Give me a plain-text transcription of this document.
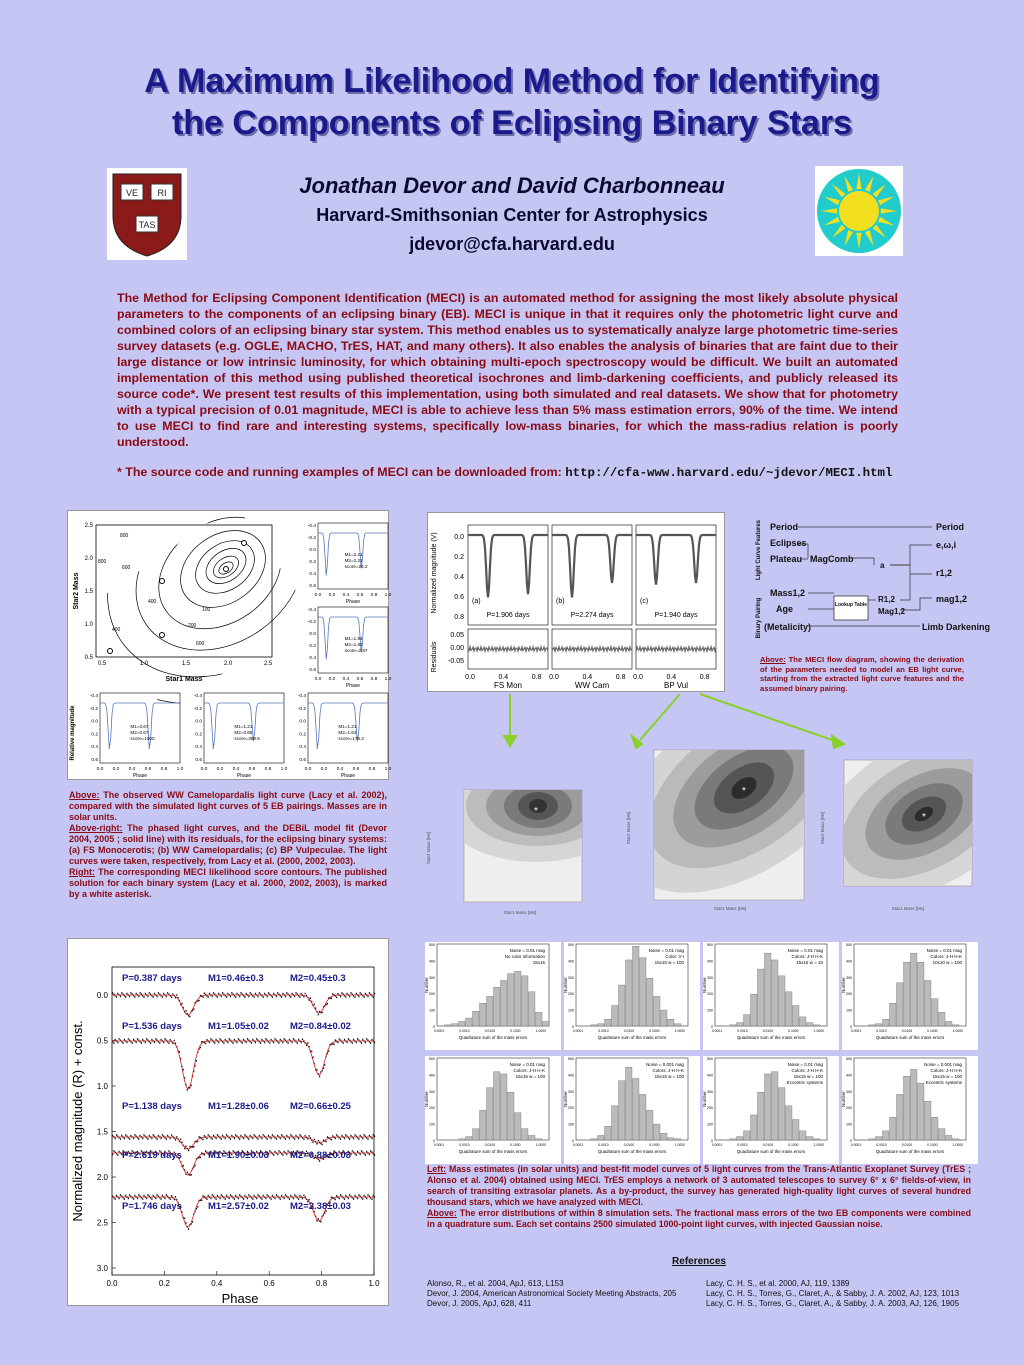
A Maximum Likelihood Method for Identifying
the Components of Eclipsing Binary Stars
VE RI
TAS
Jonathan Devor and David Charbonneau
Harvard-Smithsonian Center for Astrophysics
jdevor@cfa.harvard.edu
The Method for Eclipsing Component Identification (MECI) is an automated method for assigning the most likely absolute physical parameters to the components of an eclipsing binary (EB). MECI is unique in that it requires only the photometric light curve and combined colors of an eclipsing binary star system. This method enables us to systematically analyze large photometric time-series survey datasets (e.g. OGLE, MACHO, TrES, HAT, and many others). It also enables the analysis of binaries that are faint due to their large distance or low intrinsic luminosity, for which obtaining multi-epoch spectroscopy would be difficult. We built an automated implementation of this method using published theoretical isochrones and limb-darkening coefficients, and publicly released its source code*. We present test results of this implementation, using both simulated and real datasets. We show that for photometry with a typical precision of 0.01 magnitude, MECI is able to achieve less than 5% mass estimation errors, 90% of the time. We intend to use MECI to find rare and interesting systems, specifically low-mass binaries, for which the mass-radius relation is poorly understood.
* The source code and running examples of MECI can be downloaded from: http://cfa-www.harvard.edu/~jdevor/MECI.html
800
600
400
200
100
600
400
800
0.5	1.0	1.5	2.0	2.5
2.5
2.0
1.5
1.0
0.5
Star1 Mass
Star2 Mass
Relative magnitude
M1=2.21
M2=2.21
score=24.2
-0.4
-0.2
0.0
0.2
0.4
0.6
0.0 0.2 0.4 0.6 0.8 1.0
Phase
M1=1.94
M2=1.83
score=2.87
-0.4
-0.2
0.0
0.2
0.4
0.6
0.0 0.2 0.4 0.6 0.8 1.0
Phase
M1=0.67
M2=0.67
score=1000
-0.4
-0.2
0.0
0.2
0.4
0.6
0.0 0.2 0.4 0.6 0.8 1.0
Phase
M1=1.21
M2=0.85
score=389.5
-0.4
-0.2
0.0
0.2
0.4
0.6
0.0 0.2 0.4 0.6 0.8 1.0
Phase
M1=1.21
M2=1.64
score=179.3
-0.4
-0.2
0.0
0.2
0.4
0.6
0.0 0.2 0.4 0.6 0.8 1.0
Phase
Above: The observed WW Camelopardalis light curve (Lacy et al. 2002), compared with the simulated light curves of 5 EB pairings. Masses are in solar units.
Above-right: The phased light curves, and the DEBiL model fit (Devor 2004, 2005 ; solid line) with its residuals, for the eclipsing binary systems: (a) FS Monocerotis; (b) WW Camelopardalis; (c) BP Vulpeculae. The light curves were taken, respectively, from Lacy et al. (2000, 2002, 2003).
Right: The corresponding MECI likelihood score contours. The published solution for each binary system (Lacy et al. 2000, 2002, 2003), is marked by a white asterisk.
Normalized magnitude (V)
Residuals
0.0
0.2
0.4
0.6
0.8
0.05
0.00
-0.05
(a)
P=1.906 days
0.0	0.4	0.8
FS Mon
(b)
P=2.274 days
0.0	0.4	0.8
WW Cam
(c)
P=1.940 days
0.0	0.4	0.8
BP Vul
Light Curve Features
Binary Pairing
Period
Eclipses
Plateau MagComb
Mass1,2
Age
(Metalicity)
Lookup Table
a
R1,2
Mag1,2
Period
e,ω,i
r1,2
mag1,2
Limb Darkening
Above: The MECI flow diagram, showing the derivation of the parameters needed to model an EB light curve, starting from the extracted light curve features and the assumed binary pairing.
*
Star1 Mass [Ms]
Star2 Mass [Ms]
*
Star1 Mass [Ms]
Star2 Mass [Ms]	*
Star1 Mass [Ms]
Star2 Mass [Ms]
Normalized magnitude (R) + const.
Phase
0.0
0.5
1.0
1.5
2.0
2.5
3.0
0.0	0.2	0.4	0.6	0.8	1.0
P=0.387 days	M1=0.46±0.3	M2=0.45±0.3
P=1.536 days	M1=1.05±0.02 M2=0.84±0.02
P=1.138 days	M1=1.28±0.06 M2=0.66±0.25
P=2.619 days	M1=1.90±0.03 M2=0.88±0.03
P=1.746 days	M1=2.57±0.02 M2=2.38±0.03
Noise = 0.01 mag
No color information
15x15
500
400
300
200
100
0
0.0001	0.0010	0.0100	0.1000	1.0000
Quadrature sum of the mass errors
Number
Noise = 0.01 mag
Color: V-I
15x15 w = 100
500
400
300
200
100
0
0.0001	0.0010	0.0100	0.1000	1.0000
Quadrature sum of the mass errors
Number
Noise = 0.01 mag
Colors: J-H H-K
15x15 w = 10
500
400
300
200
100
0
0.0001	0.0010	0.0100	0.1000	1.0000
Quadrature sum of the mass errors
Number
Noise = 0.01 mag
Colors: J-H H-K
10x10 w = 100
500
400
300
200
100
0
0.0001	0.0010	0.0100	0.1000	1.0000
Quadrature sum of the mass errors
Number
Noise = 0.01 mag
Colors: J-H H-K
15x15 w = 100
500
400
300
200
100
0
0.0001	0.0010	0.0100	0.1000	1.0000
Quadrature sum of the mass errors
Number
Noise = 0.001 mag
Colors: J-H H-K
15x15 w = 100
500
400
300
200
100
0
0.0001	0.0010	0.0100	0.1000	1.0000
Quadrature sum of the mass errors
Number
Noise = 0.01 mag
Colors: J-H H-K
15x15 w = 100
Eccentric systems
500
400
300
200
100
0
0.0001	0.0010	0.0100	0.1000	1.0000
Quadrature sum of the mass errors
Number
Noise = 0.001 mag
Colors: J-H H-K
15x15 w = 100
Eccentric systems
500
400
300
200
100
0
0.0001	0.0010	0.0100	0.1000	1.0000
Quadrature sum of the mass errors
Number
Left: Mass estimates (in solar units) and best-fit model curves of 5 light curves from the Trans-Atlantic Exoplanet Survey (TrES ; Alonso et al. 2004) obtained using MECI. TrES employs a network of 3 automated telescopes to survey 6° x 6° fields-of-view, in search of transiting extrasolar planets. As a by-product, the survey has generated high-quality light curves of several hundred thousand stars, which we have analyzed with MECI.
Above: The error distributions of within 8 simulation sets. The fractional mass errors of the two EB components were combined in a quadrature sum. Each set contains 2500 simulated 1000-point light curves, with injected Gaussian noise.
References
Alonso, R., et al. 2004, ApJ, 613, L153
Devor, J. 2004, American Astronomical Society Meeting Abstracts, 205
Devor, J. 2005, ApJ, 628, 411
Lacy, C. H. S., et al. 2000, AJ, 119, 1389
Lacy, C. H. S., Torres, G., Claret, A., & Sabby, J. A. 2002, AJ, 123, 1013
Lacy, C. H. S., Torres, G., Claret, A., & Sabby, J. A. 2003, AJ, 126, 1905
